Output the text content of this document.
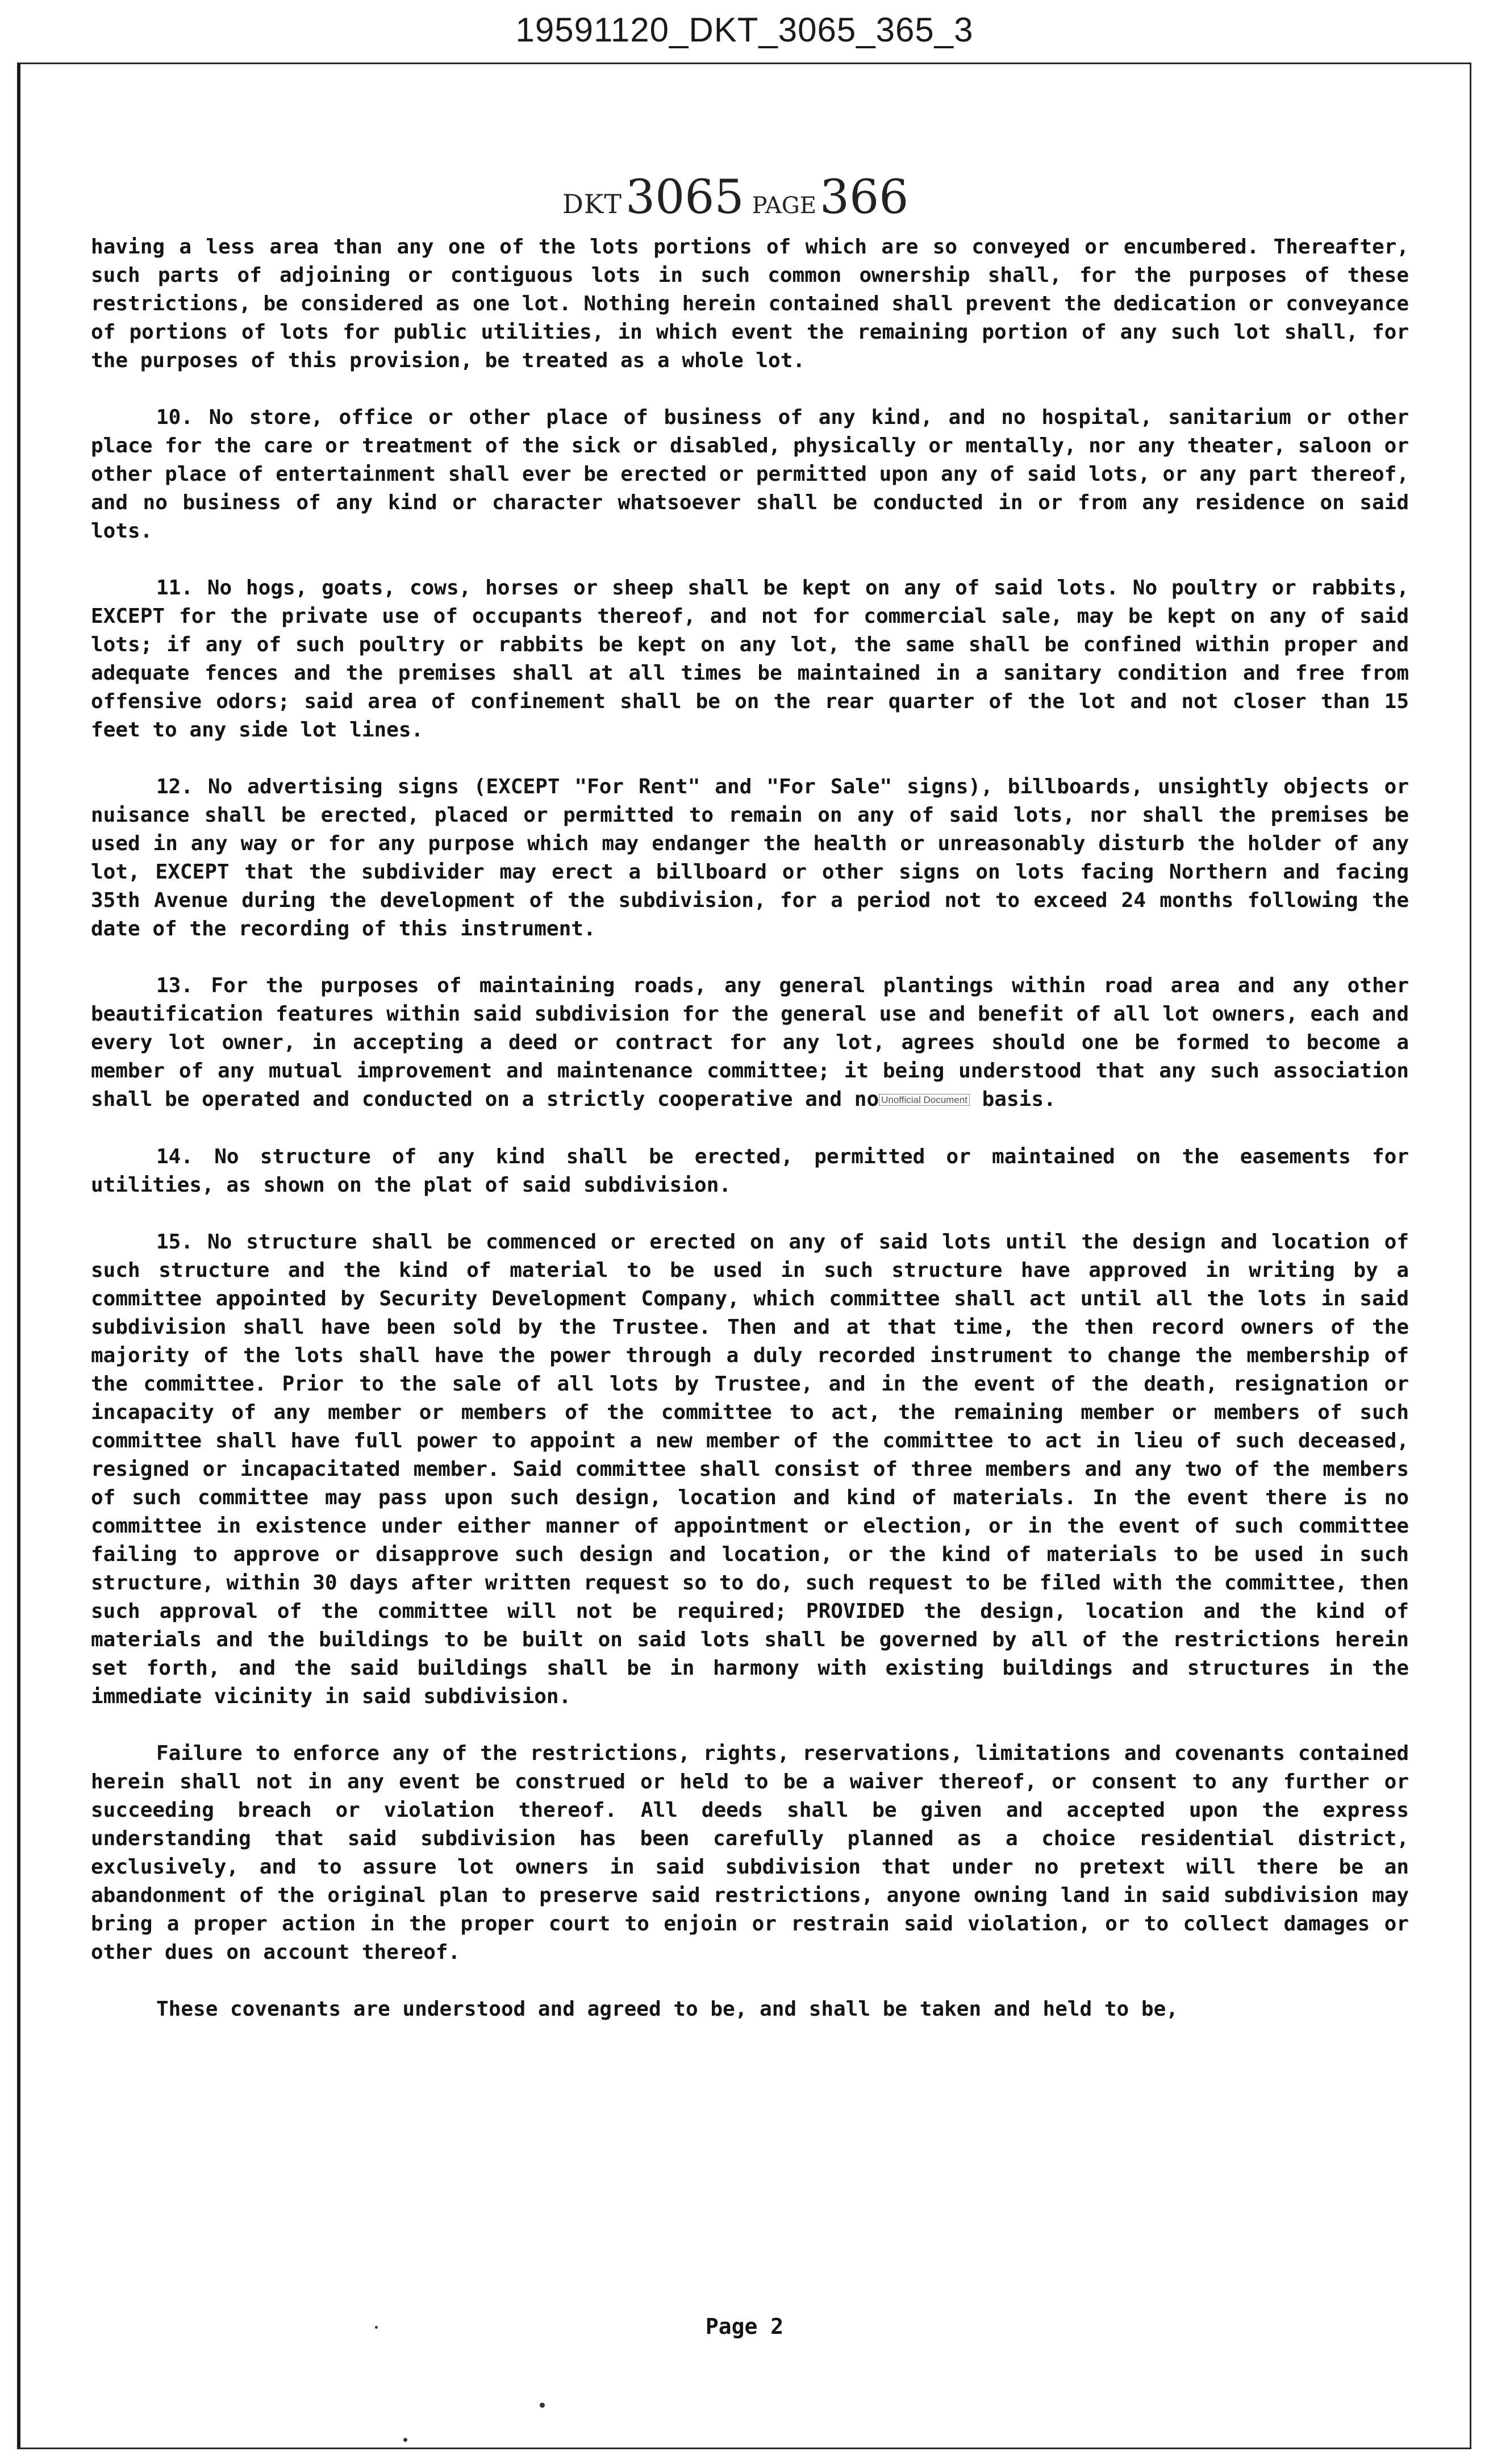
19591120_DKT_3065_365_3
DKT3065 PAGE366

having a less area than any one of the lots portions of which are so conveyed or encumbered. Thereafter, such parts of adjoining or contiguous lots in such common ownership shall, for the purposes of these restrictions, be considered as one lot. Nothing herein contained shall prevent the dedication or conveyance of portions of lots for public utilities, in which event the remaining portion of any such lot shall, for the purposes of this provision, be treated as a whole lot.

10. No store, office or other place of business of any kind, and no hospital, sanitarium or other place for the care or treatment of the sick or disabled, physically or mentally, nor any theater, saloon or other place of entertainment shall ever be erected or permitted upon any of said lots, or any part thereof, and no business of any kind or character whatsoever shall be conducted in or from any residence on said lots.

11. No hogs, goats, cows, horses or sheep shall be kept on any of said lots. No poultry or rabbits, EXCEPT for the private use of occupants thereof, and not for commercial sale, may be kept on any of said lots; if any of such poultry or rabbits be kept on any lot, the same shall be confined within proper and adequate fences and the premises shall at all times be maintained in a sanitary condition and free from offensive odors; said area of confinement shall be on the rear quarter of the lot and not closer than 15 feet to any side lot lines.

12. No advertising signs (EXCEPT "For Rent" and "For Sale" signs), billboards, unsightly objects or nuisance shall be erected, placed or permitted to remain on any of said lots, nor shall the premises be used in any way or for any purpose which may endanger the health or unreasonably disturb the holder of any lot, EXCEPT that the subdivider may erect a billboard or other signs on lots facing Northern and facing 35th Avenue during the development of the subdivision, for a period not to exceed 24 months following the date of the recording of this instrument.

13. For the purposes of maintaining roads, any general plantings within road area and any other beautification features within said subdivision for the general use and benefit of all lot owners, each and every lot owner, in accepting a deed or contract for any lot, agrees should one be formed to become a member of any mutual improvement and maintenance committee; it being understood that any such association shall be operated and conducted on a strictly cooperative and no Unofficial Document basis.

14. No structure of any kind shall be erected, permitted or maintained on the easements for utilities, as shown on the plat of said subdivision.

15. No structure shall be commenced or erected on any of said lots until the design and location of such structure and the kind of material to be used in such structure have approved in writing by a committee appointed by Security Development Company, which committee shall act until all the lots in said subdivision shall have been sold by the Trustee. Then and at that time, the then record owners of the majority of the lots shall have the power through a duly recorded instrument to change the membership of the committee. Prior to the sale of all lots by Trustee, and in the event of the death, resignation or incapacity of any member or members of the committee to act, the remaining member or members of such committee shall have full power to appoint a new member of the committee to act in lieu of such deceased, resigned or incapacitated member. Said committee shall consist of three members and any two of the members of such committee may pass upon such design, location and kind of materials. In the event there is no committee in existence under either manner of appointment or election, or in the event of such committee failing to approve or disapprove such design and location, or the kind of materials to be used in such structure, within 30 days after written request so to do, such request to be filed with the committee, then such approval of the committee will not be required; PROVIDED the design, location and the kind of materials and the buildings to be built on said lots shall be governed by all of the restrictions herein set forth, and the said buildings shall be in harmony with existing buildings and structures in the immediate vicinity in said subdivision.

Failure to enforce any of the restrictions, rights, reservations, limitations and covenants contained herein shall not in any event be construed or held to be a waiver thereof, or consent to any further or succeeding breach or violation thereof. All deeds shall be given and accepted upon the express understanding that said subdivision has been carefully planned as a choice residential district, exclusively, and to assure lot owners in said subdivision that under no pretext will there be an abandonment of the original plan to preserve said restrictions, anyone owning land in said subdivision may bring a proper action in the proper court to enjoin or restrain said violation, or to collect damages or other dues on account thereof.

These covenants are understood and agreed to be, and shall be taken and held to be,

Page 2
